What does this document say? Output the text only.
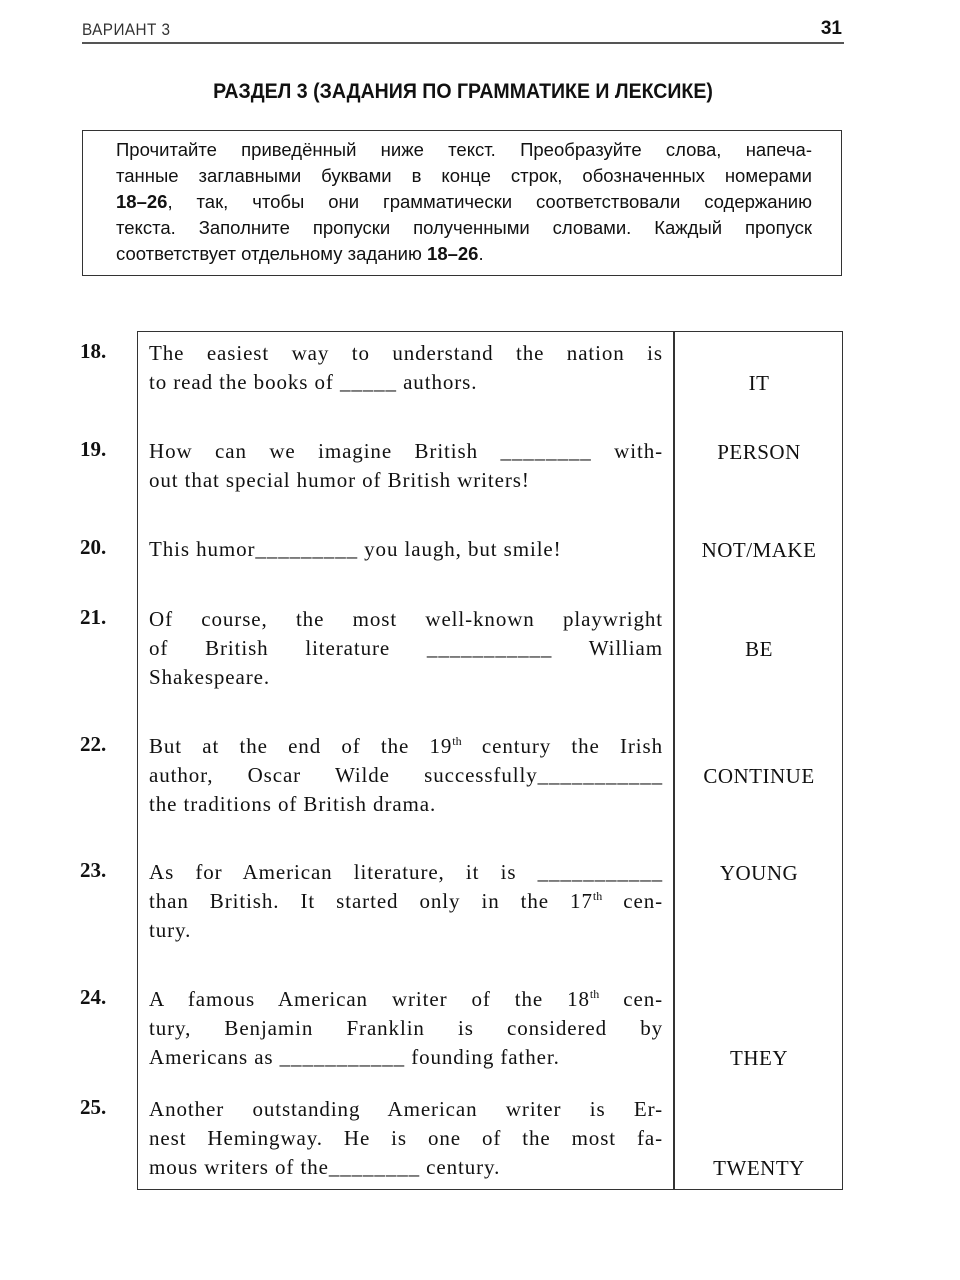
ВАРИАНТ 3	31
РАЗДЕЛ 3 (ЗАДАНИЯ ПО ГРАММАТИКЕ И ЛЕКСИКЕ)
Прочитайте приведённый ниже текст. Преобразуйте слова, напеча-
танные заглавными буквами в конце строк, обозначенных номерами
18–26, так, чтобы они грамматически соответствовали содержанию
текста. Заполните пропуски полученными словами. Каждый пропуск
соответствует отдельному заданию 18–26.
18. The easiest way to understand the nation is
to read the books of _____ authors.	IT
19. How can we imagine British ________ with-
out that special humor of British writers!
PERSON
20. This humor_________ you laugh, but smile!	NOT/MAKE
21. Of course, the most well-known playwright
of British literature ___________ William
Shakespeare.
BE
22. But at the end of the 19th century the Irish
author, Oscar Wilde successfully___________
the traditions of British drama.
CONTINUE
23. As for American literature, it is ___________
than British. It started only in the 17th cen-
tury.
YOUNG
24. A famous American writer of the 18th cen-
tury, Benjamin Franklin is considered by
Americans as ___________ founding father.	THEY
25. Another outstanding American writer is Er-
nest Hemingway. He is one of the most fa-
mous writers of the________ century.	TWENTY
